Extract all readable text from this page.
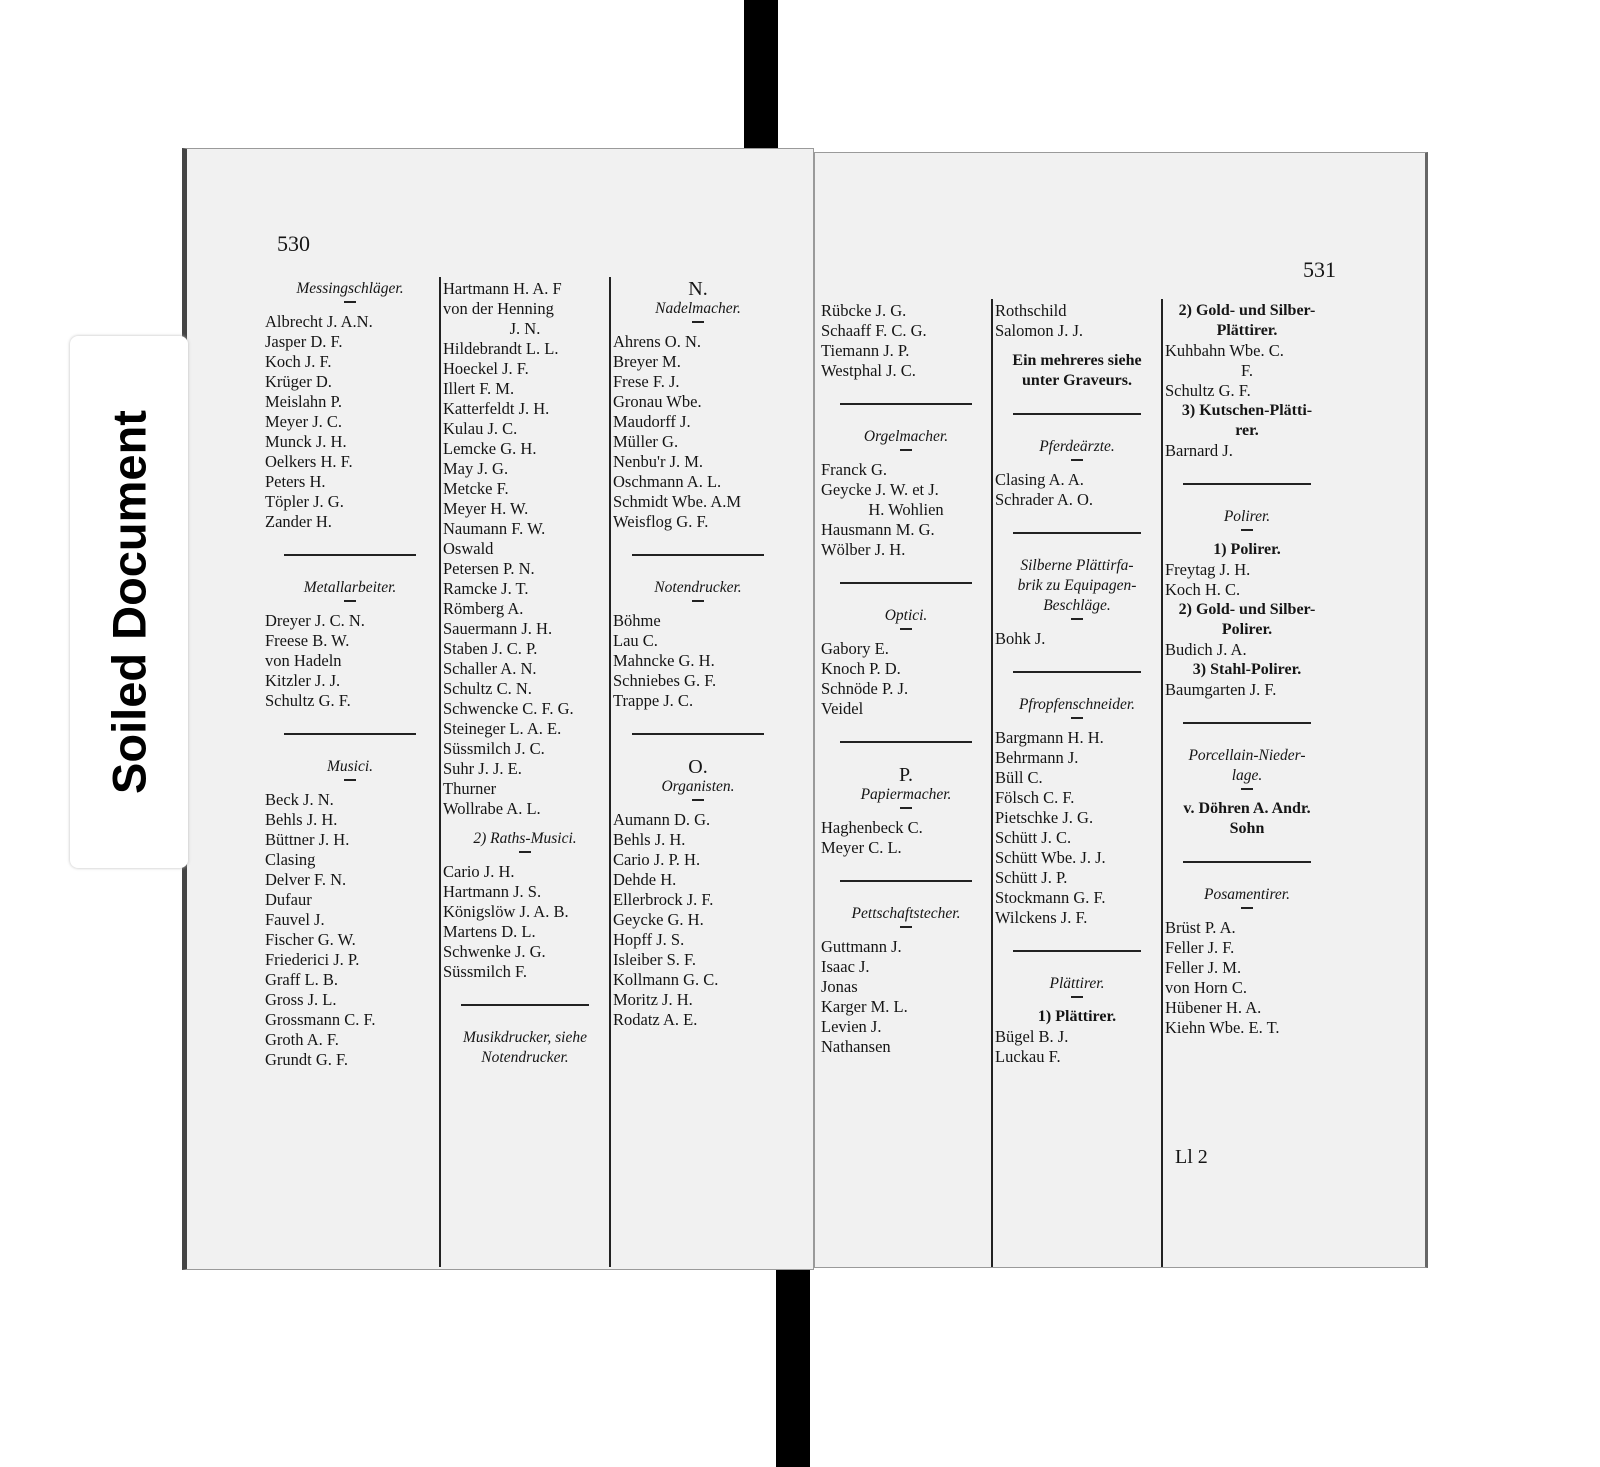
530
Messingschläger.
Albrecht J. A.N.
Jasper D. F.
Koch J. F.
Krüger D.
Meislahn P.
Meyer J. C.
Munck J. H.
Oelkers H. F.
Peters H.
Töpler J. G.
Zander H.
Metallarbeiter.
Dreyer J. C. N.
Freese B. W.
von Hadeln
Kitzler J. J.
Schultz G. F.
Musici.
Beck J. N.
Behls J. H.
Büttner J. H.
Clasing
Delver F. N.
Dufaur
Fauvel J.
Fischer G. W.
Friederici J. P.
Graff L. B.
Gross J. L.
Grossmann C. F.
Groth A. F.
Grundt G. F.
Hartmann H. A. F
von der Henning
J. N.
Hildebrandt L. L.
Hoeckel J. F.
Illert F. M.
Katterfeldt J. H.
Kulau J. C.
Lemcke G. H.
May J. G.
Metcke F.
Meyer H. W.
Naumann F. W.
Oswald
Petersen P. N.
Ramcke J. T.
Römberg A.
Sauermann J. H.
Staben J. C. P.
Schaller A. N.
Schultz C. N.
Schwencke C. F. G.
Steineger L. A. E.
Süssmilch J. C.
Suhr J. J. E.
Thurner
Wollrabe A. L.
2) Raths-Musici.
Cario J. H.
Hartmann J. S.
Königslöw J. A. B.
Martens D. L.
Schwenke J. G.
Süssmilch F.
Musikdrucker, siehe
Notendrucker.
N.
Nadelmacher.
Ahrens O. N.
Breyer M.
Frese F. J.
Gronau Wbe.
Maudorff J.
Müller G.
Nenbu'r J. M.
Oschmann A. L.
Schmidt Wbe. A.M
Weisflog G. F.
Notendrucker.
Böhme
Lau C.
Mahncke G. H.
Schniebes G. F.
Trappe J. C.
O.
Organisten.
Aumann D. G.
Behls J. H.
Cario J. P. H.
Dehde H.
Ellerbrock J. F.
Geycke G. H.
Hopff J. S.
Isleiber S. F.
Kollmann G. C.
Moritz J. H.
Rodatz A. E.
531
Rübcke J. G.
Schaaff F. C. G.
Tiemann J. P.
Westphal J. C.
Orgelmacher.
Franck G.
Geycke J. W. et J.
H. Wohlien
Hausmann M. G.
Wölber J. H.
Optici.
Gabory E.
Knoch P. D.
Schnöde P. J.
Veidel
P.
Papiermacher.
Haghenbeck C.
Meyer C. L.
Pettschaftstecher.
Guttmann J.
Isaac J.
Jonas
Karger M. L.
Levien J.
Nathansen
Rothschild
Salomon J. J.
Ein mehreres siehe
unter Graveurs.
Pferdeärzte.
Clasing A. A.
Schrader A. O.
Silberne Plättirfa-
brik zu Equipagen-
Beschläge.
Bohk J.
Pfropfenschneider.
Bargmann H. H.
Behrmann J.
Büll C.
Fölsch C. F.
Pietschke J. G.
Schütt J. C.
Schütt Wbe. J. J.
Schütt J. P.
Stockmann G. F.
Wilckens J. F.
Plättirer.
1) Plättirer.
Bügel B. J.
Luckau F.
2) Gold- und Silber-
Plättirer.
Kuhbahn Wbe. C.
F.
Schultz G. F.
3) Kutschen-Plätti-
rer.
Barnard J.
Polirer.
1) Polirer.
Freytag J. H.
Koch H. C.
2) Gold- und Silber-
Polirer.
Budich J. A.
3) Stahl-Polirer.
Baumgarten J. F.
Porcellain-Nieder-
lage.
v. Döhren A. Andr.
Sohn
Posamentirer.
Brüst P. A.
Feller J. F.
Feller J. M.
von Horn C.
Hübener H. A.
Kiehn Wbe. E. T.
Ll 2
Soiled Document
